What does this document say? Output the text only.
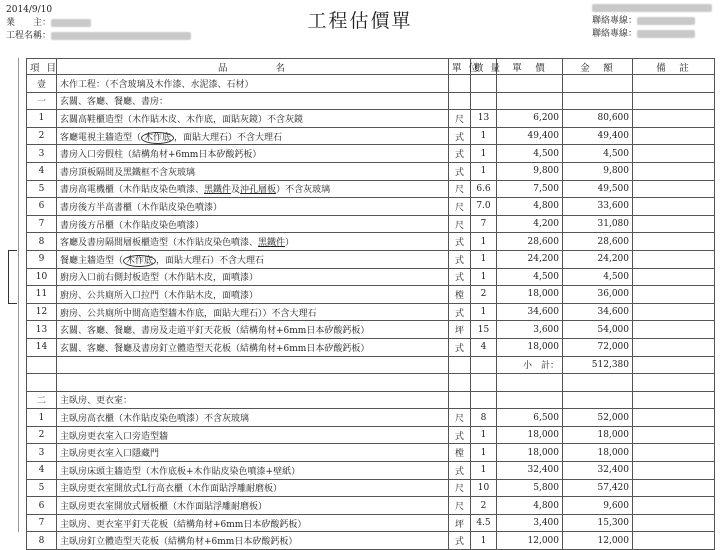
2014/9/10
業　　主：
工程名稱：
工程估價單	聯絡專線：
聯絡專線：
項 目	品　　　　名	單 位	數 量	單　價	金　額	備　註
壹	木作工程：（不含玻璃及木作漆、水泥漆、石材）					
一	玄關、客廳、餐廳、書房：					
1	玄關高鞋櫃造型（木作貼木皮、木作底，面貼灰鏡）不含灰鏡	尺	13	6,200	80,600	
2	客廳電視主牆造型（ 木作底 ，面貼大理石）不含大理石	式	1	49,400	49,400	
3	書房入口旁假柱（結構角材+6mm日本矽酸鈣板）	式	1	4,500	4,500	
4	書房頂板隔間及黑鐵框不含灰玻璃	式	1	9,800	9,800	
5	書房高電機櫃（木作貼皮染色噴漆、黑鐵件及沖孔層板）不含灰玻璃	尺	6.6	7,500	49,500	
6	書房後方半高書櫃（木作貼皮染色噴漆）	尺	7.0	4,800	33,600	
7	書房後方吊櫃（木作貼皮染色噴漆）	尺	7	4,200	31,080	
8	客廳及書房隔間層板櫃造型（木作貼皮染色噴漆、黑鐵件）	式	1	28,600	28,600	
9	餐廳主牆造型（ 木作底 ，面貼大理石）不含大理石	式	1	24,200	24,200	
10	廚房入口前右側封板造型（木作貼木皮，面噴漆）	式	1	4,500	4,500	
11	廚房、公共廁所入口拉門（木作貼木皮，面噴漆）	樘	2	18,000	36,000	
12	廚房、公共廁所中間高造型牆木作底，面貼大理石））不含大理石	式	1	34,600	34,600	
13	玄關、客廳、餐廳、書房及走道平釘天花板（結構角材+6mm日本矽酸鈣板）	坪	15	3,600	54,000	
14	玄關、客廳、餐廳及書房釘立體造型天花板（結構角材+6mm日本矽酸鈣板）	式	4	18,000	72,000	
				小　計：	512,380	

二	主臥房、更衣室：					
1	主臥房高衣櫃（木作貼皮染色噴漆）不含灰玻璃	尺	8	6,500	52,000	
2	主臥房更衣室入口旁造型牆	式	1	18,000	18,000	
3	主臥房更衣室入口隱藏門	樘	1	18,000	18,000	
4	主臥房床頭主牆造型（木作底板+木作貼皮染色噴漆+壁紙）	式	1	32,400	32,400	
5	主臥房更衣室開放式L行高衣櫃（木作面貼浮雕耐磨板）	尺	10	5,800	57,420	
6	主臥房更衣室開放式層板櫃（木作面貼浮雕耐磨板）	尺	2	4,800	9,600	
7	主臥房、更衣室平釘天花板（結構角材+6mm日本矽酸鈣板）	坪	4.5	3,400	15,300	
8	主臥房釘立體造型天花板（結構角材+6mm日本矽酸鈣板）	式	1	12,000	12,000	
